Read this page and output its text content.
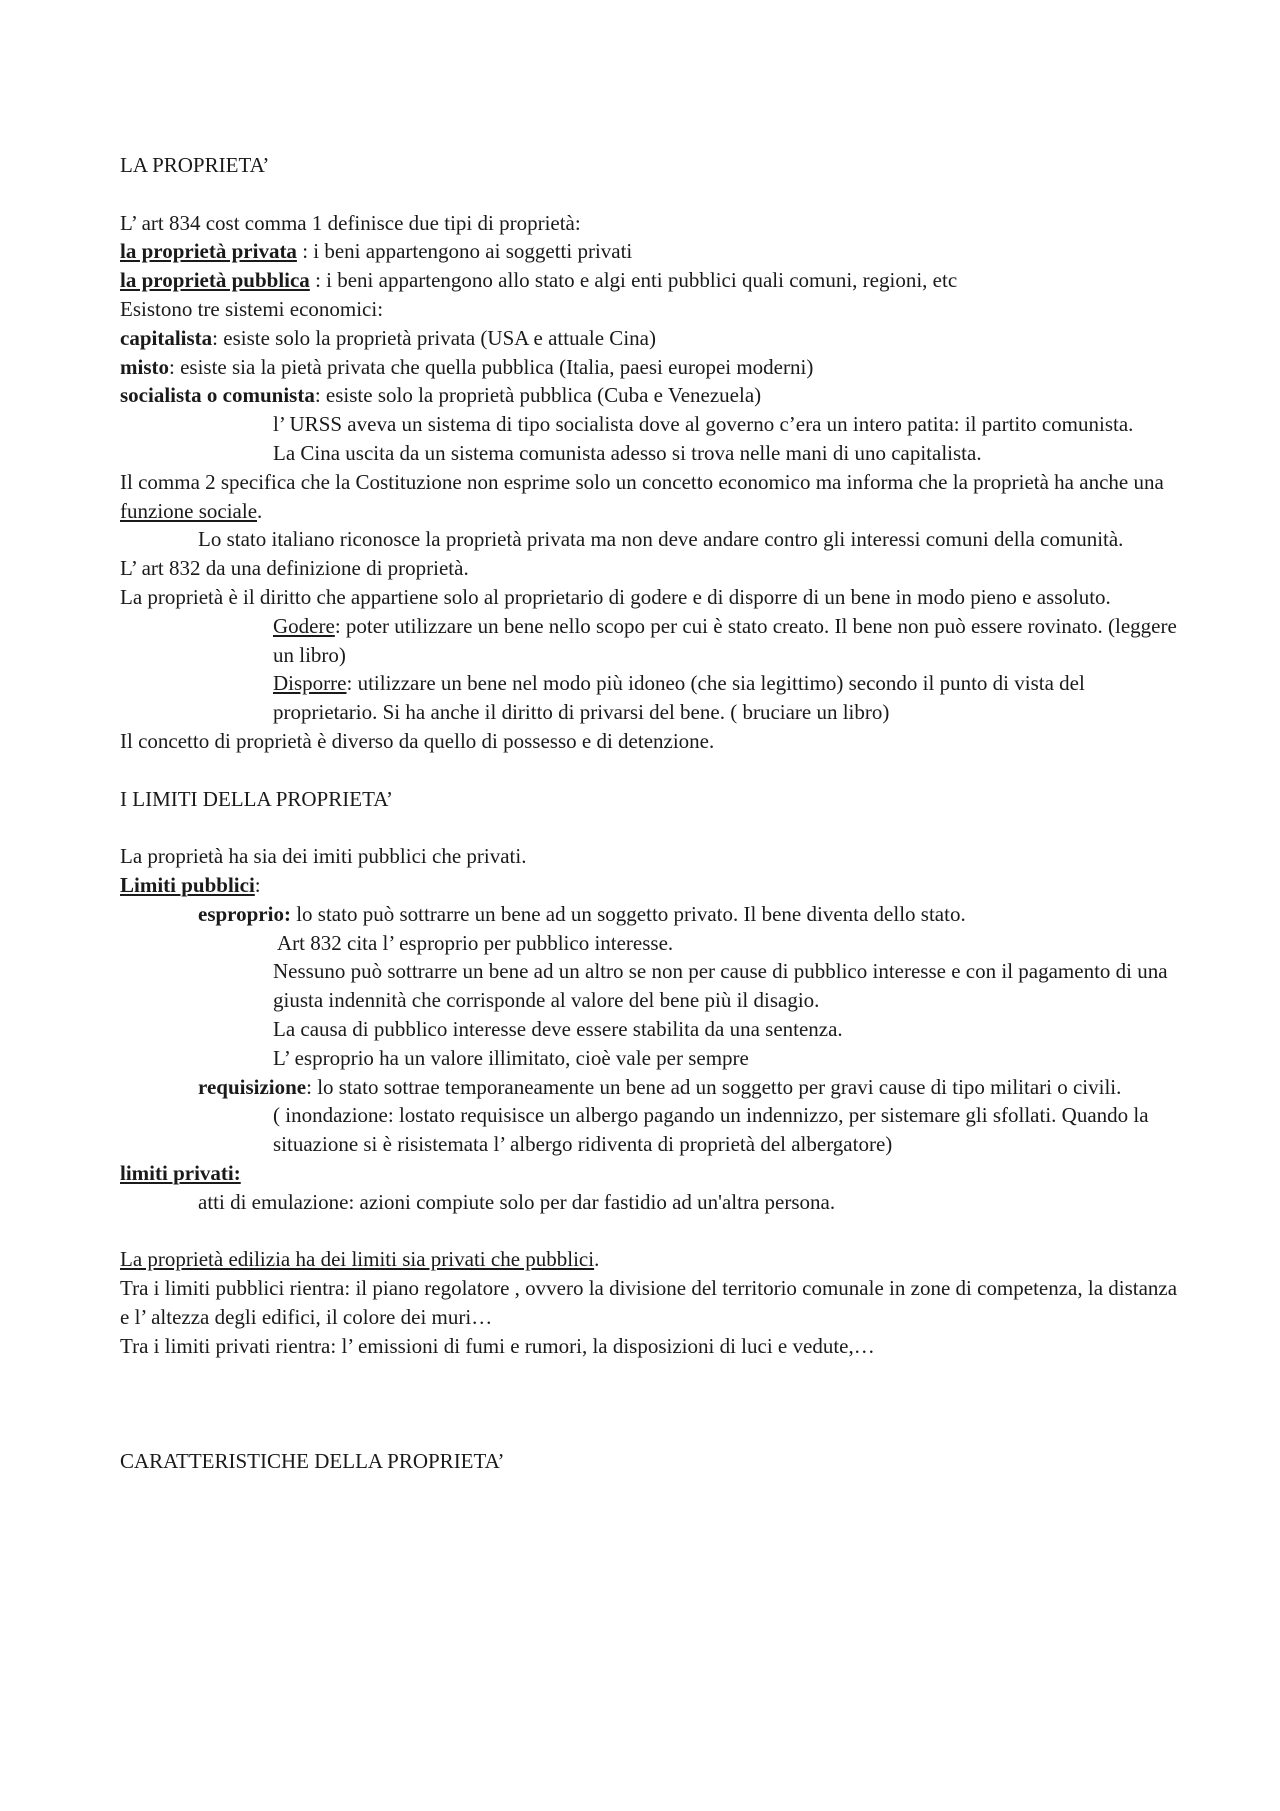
LA PROPRIETA’

L’ art 834 cost comma 1 definisce due tipi di proprietà:

la proprietà privata : i beni appartengono ai soggetti privati

la proprietà pubblica : i beni appartengono allo stato e algi enti pubblici quali comuni, regioni, etc

Esistono tre sistemi economici:

capitalista: esiste solo la proprietà privata (USA e attuale Cina)

misto: esiste sia la pietà privata che quella pubblica (Italia, paesi europei moderni)

socialista o comunista: esiste solo la proprietà pubblica (Cuba e Venezuela)

l’ URSS aveva un sistema di tipo socialista dove al governo c’era un intero patita: il partito comunista.

La Cina uscita da un sistema comunista adesso si trova nelle mani di uno capitalista.

Il comma 2 specifica che la Costituzione non esprime solo un concetto economico ma informa che la proprietà ha anche una funzione sociale.

Lo stato italiano riconosce la proprietà privata ma non deve andare contro gli interessi comuni della comunità.

L’ art 832 da una definizione di proprietà.

La proprietà è il diritto che appartiene solo al proprietario di godere e di disporre di un bene in modo pieno e assoluto.

Godere: poter utilizzare un bene nello scopo per cui è stato creato. Il bene non può essere rovinato. (leggere un libro)

Disporre: utilizzare un bene nel modo più idoneo (che sia legittimo) secondo il punto di vista del proprietario. Si ha anche il diritto di privarsi del bene. ( bruciare un libro)

Il concetto di proprietà è diverso da quello di possesso e di detenzione.

I LIMITI DELLA PROPRIETA’

La proprietà ha sia dei imiti pubblici che privati.

Limiti pubblici:

esproprio: lo stato può sottrarre un bene ad un soggetto privato. Il bene diventa dello stato.

Art 832 cita l’ esproprio per pubblico interesse.

Nessuno può sottrarre un bene ad un altro se non per cause di pubblico interesse e con il pagamento di una giusta indennità che corrisponde al valore del bene più il disagio.

La causa di pubblico interesse deve essere stabilita da una sentenza.

L’ esproprio ha un valore illimitato, cioè vale per sempre

requisizione: lo stato sottrae temporaneamente un bene ad un soggetto per gravi cause di tipo militari o civili.

( inondazione: lostato requisisce un albergo pagando un indennizzo, per sistemare gli sfollati. Quando la situazione si è risistemata l’ albergo ridiventa di proprietà del albergatore)

limiti privati:

atti di emulazione: azioni compiute solo per dar fastidio ad un'altra persona.

La proprietà edilizia ha dei limiti sia privati che pubblici.

Tra i limiti pubblici rientra: il piano regolatore , ovvero la divisione del territorio comunale in zone di competenza, la distanza e l’ altezza degli edifici, il colore dei muri…

Tra i limiti privati rientra: l’ emissioni di fumi e rumori, la disposizioni di luci e vedute,…

CARATTERISTICHE DELLA PROPRIETA’
